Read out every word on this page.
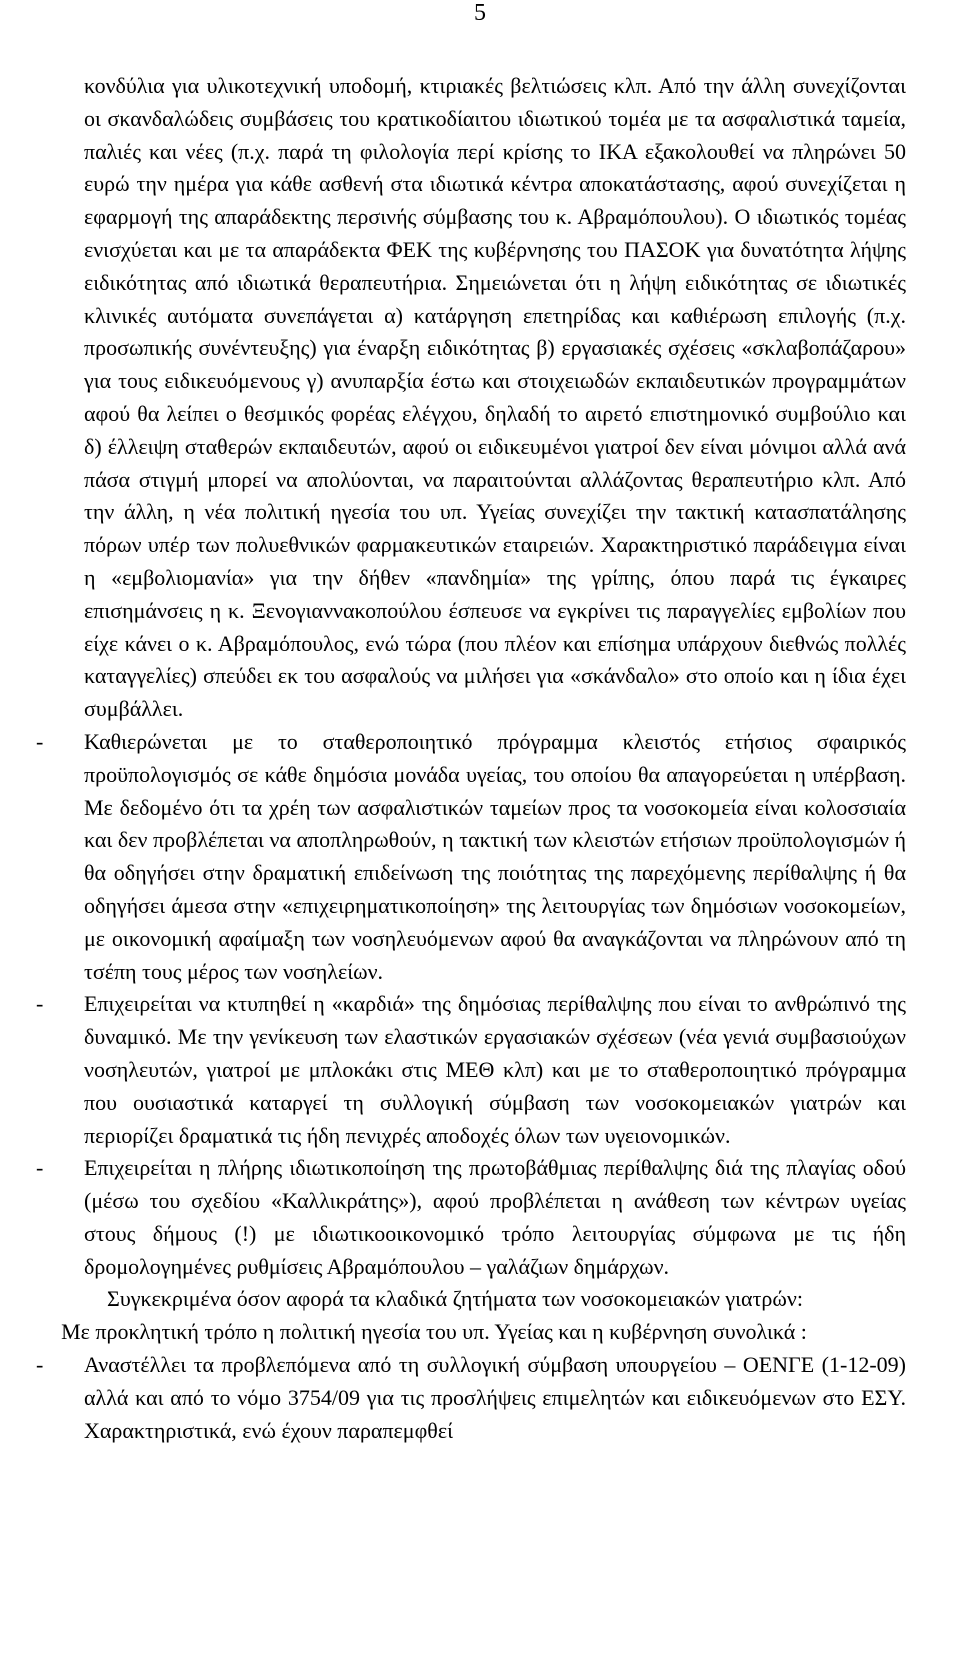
5

κονδύλια για υλικοτεχνική υποδομή, κτιριακές βελτιώσεις κλπ. Από την άλλη συνεχίζονται οι σκανδαλώδεις συμβάσεις του κρατικοδίαιτου ιδιωτικού τομέα με τα ασφαλιστικά ταμεία, παλιές και νέες (π.χ. παρά τη φιλολογία περί κρίσης το ΙΚΑ εξακολουθεί να πληρώνει 50 ευρώ την ημέρα για κάθε ασθενή στα ιδιωτικά κέντρα αποκατάστασης, αφού συνεχίζεται η εφαρμογή της απαράδεκτης περσινής σύμβασης του κ. Αβραμόπουλου). Ο ιδιωτικός τομέας ενισχύεται και με τα απαράδεκτα ΦΕΚ της κυβέρνησης του ΠΑΣΟΚ για δυνατότητα λήψης ειδικότητας από ιδιωτικά θεραπευτήρια. Σημειώνεται ότι η λήψη ειδικότητας σε ιδιωτικές κλινικές αυτόματα συνεπάγεται α) κατάργηση επετηρίδας και καθιέρωση επιλογής (π.χ. προσωπικής συνέντευξης) για έναρξη ειδικότητας β) εργασιακές σχέσεις «σκλαβοπάζαρου» για τους ειδικευόμενους γ) ανυπαρξία έστω και στοιχειωδών εκπαιδευτικών προγραμμάτων αφού θα λείπει ο θεσμικός φορέας ελέγχου, δηλαδή το αιρετό επιστημονικό συμβούλιο και δ) έλλειψη σταθερών εκπαιδευτών, αφού οι ειδικευμένοι γιατροί δεν είναι μόνιμοι αλλά ανά πάσα στιγμή μπορεί να απολύονται, να παραιτούνται αλλάζοντας θεραπευτήριο κλπ. Από την άλλη, η νέα πολιτική ηγεσία του υπ. Υγείας συνεχίζει την τακτική κατασπατάλησης πόρων υπέρ των πολυεθνικών φαρμακευτικών εταιρειών. Χαρακτηριστικό παράδειγμα είναι η «εμβολιομανία» για την δήθεν «πανδημία» της γρίπης, όπου παρά τις έγκαιρες επισημάνσεις η κ. Ξενογιαννακοπούλου έσπευσε να εγκρίνει τις παραγγελίες εμβολίων που είχε κάνει ο κ. Αβραμόπουλος, ενώ τώρα (που πλέον και επίσημα υπάρχουν διεθνώς πολλές καταγγελίες) σπεύδει εκ του ασφαλούς να μιλήσει για «σκάνδαλο» στο οποίο και η ίδια έχει συμβάλλει.

- Καθιερώνεται με το σταθεροποιητικό πρόγραμμα κλειστός ετήσιος σφαιρικός προϋπολογισμός σε κάθε δημόσια μονάδα υγείας, του οποίου θα απαγορεύεται η υπέρβαση. Με δεδομένο ότι τα χρέη των ασφαλιστικών ταμείων προς τα νοσοκομεία είναι κολοσσιαία και δεν προβλέπεται να αποπληρωθούν, η τακτική των κλειστών ετήσιων προϋπολογισμών ή θα οδηγήσει στην δραματική επιδείνωση της ποιότητας της παρεχόμενης περίθαλψης ή θα οδηγήσει άμεσα στην «επιχειρηματικοποίηση» της λειτουργίας των δημόσιων νοσοκομείων, με οικονομική αφαίμαξη των νοσηλευόμενων αφού θα αναγκάζονται να πληρώνουν από τη τσέπη τους μέρος των νοσηλείων.
- Επιχειρείται να κτυπηθεί η «καρδιά» της δημόσιας περίθαλψης που είναι το ανθρώπινό της δυναμικό. Με την γενίκευση των ελαστικών εργασιακών σχέσεων (νέα γενιά συμβασιούχων νοσηλευτών, γιατροί με μπλοκάκι στις ΜΕΘ κλπ) και με το σταθεροποιητικό πρόγραμμα που ουσιαστικά καταργεί τη συλλογική σύμβαση των νοσοκομειακών γιατρών και περιορίζει δραματικά τις ήδη πενιχρές αποδοχές όλων των υγειονομικών.
- Επιχειρείται η πλήρης ιδιωτικοποίηση της πρωτοβάθμιας περίθαλψης διά της πλαγίας οδού (μέσω του σχεδίου «Καλλικράτης»), αφού προβλέπεται η ανάθεση των κέντρων υγείας στους δήμους (!) με ιδιωτικοοικονομικό τρόπο λειτουργίας σύμφωνα με τις ήδη δρομολογημένες ρυθμίσεις Αβραμόπουλου – γαλάζιων δημάρχων.

Συγκεκριμένα όσον αφορά τα κλαδικά ζητήματα των νοσοκομειακών γιατρών:

Με προκλητική τρόπο η πολιτική ηγεσία του υπ. Υγείας και η κυβέρνηση συνολικά :

- Αναστέλλει τα προβλεπόμενα από τη συλλογική σύμβαση υπουργείου – ΟΕΝΓΕ (1-12-09) αλλά και από το νόμο 3754/09 για τις προσλήψεις επιμελητών και ειδικευόμενων στο ΕΣΥ. Χαρακτηριστικά, ενώ έχουν παραπεμφθεί
